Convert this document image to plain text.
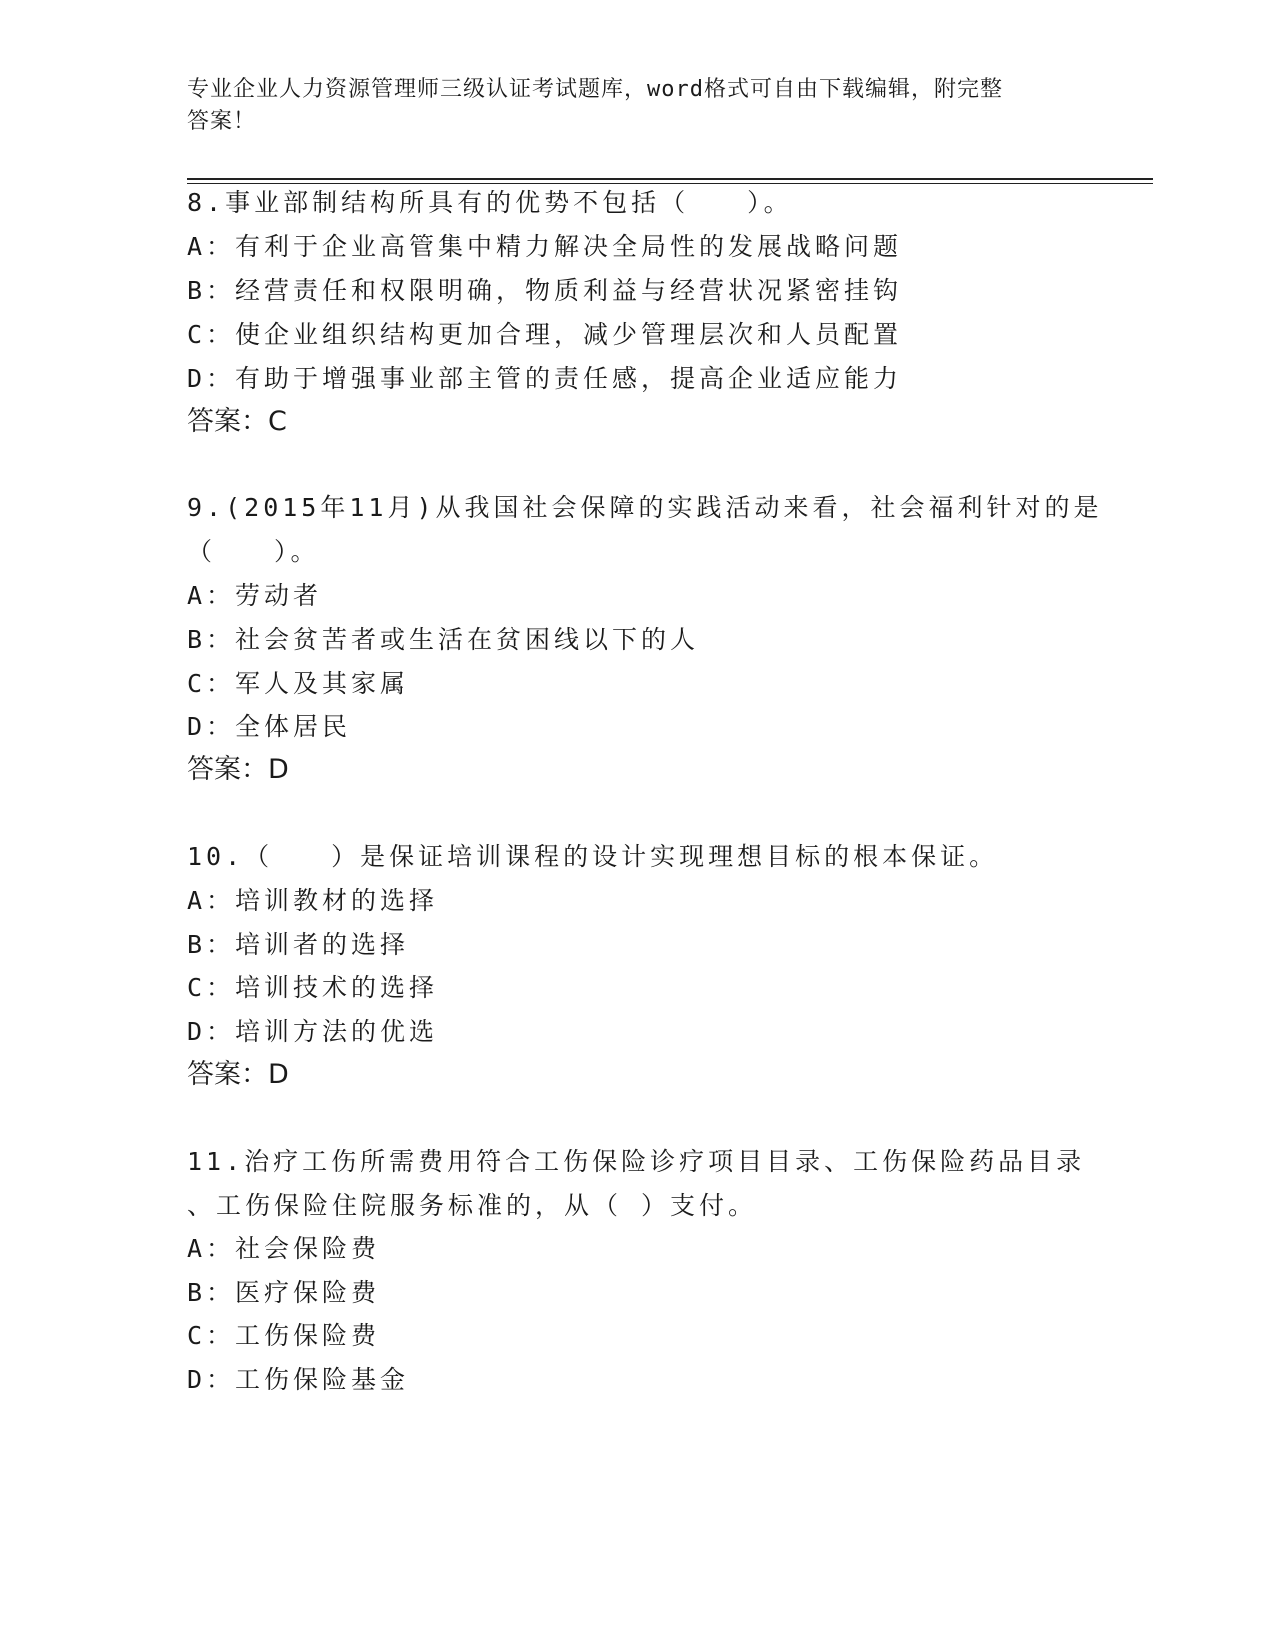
专业企业人力资源管理师三级认证考试题库，word格式可自由下载编辑，附完整
答案！
8.事业部制结构所具有的优势不包括（　　）。
A：有利于企业高管集中精力解决全局性的发展战略问题
B：经营责任和权限明确，物质利益与经营状况紧密挂钩
C：使企业组织结构更加合理，减少管理层次和人员配置
D：有助于增强事业部主管的责任感，提高企业适应能力
答案：C
9.(2015年11月)从我国社会保障的实践活动来看，社会福利针对的是
（　　）。
A：劳动者
B：社会贫苦者或生活在贫困线以下的人
C：军人及其家属
D：全体居民
答案：D
10.（　　）是保证培训课程的设计实现理想目标的根本保证。
A：培训教材的选择
B：培训者的选择
C：培训技术的选择
D：培训方法的优选
答案：D
11.治疗工伤所需费用符合工伤保险诊疗项目目录、工伤保险药品目录
、工伤保险住院服务标准的，从（ ）支付。
A：社会保险费
B：医疗保险费
C：工伤保险费
D：工伤保险基金
